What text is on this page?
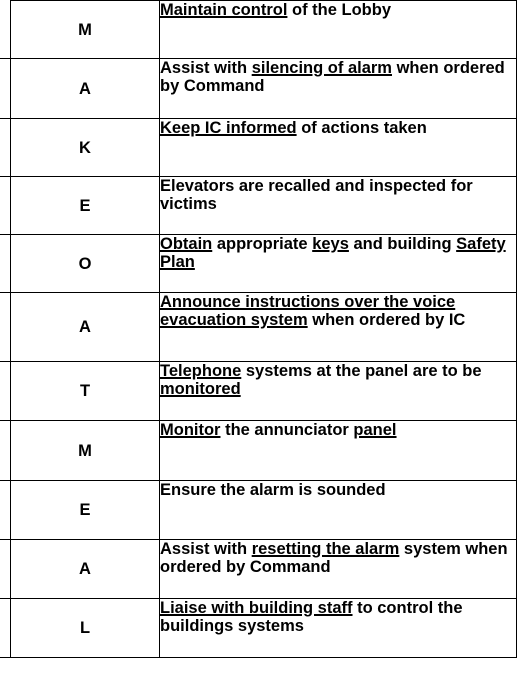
M	Maintain control of the Lobby
A	Assist with silencing of alarm when ordered by Command
K	Keep IC informed of actions taken
E	Elevators are recalled and inspected for victims
O	Obtain appropriate keys and building Safety Plan
A	Announce instructions over the voice evacuation system when ordered by IC
T	Telephone systems at the panel are to be monitored
M	Monitor the annunciator panel
E	Ensure the alarm is sounded
A	Assist with resetting the alarm system when ordered by Command
L	Liaise with building staff to control the buildings systems
